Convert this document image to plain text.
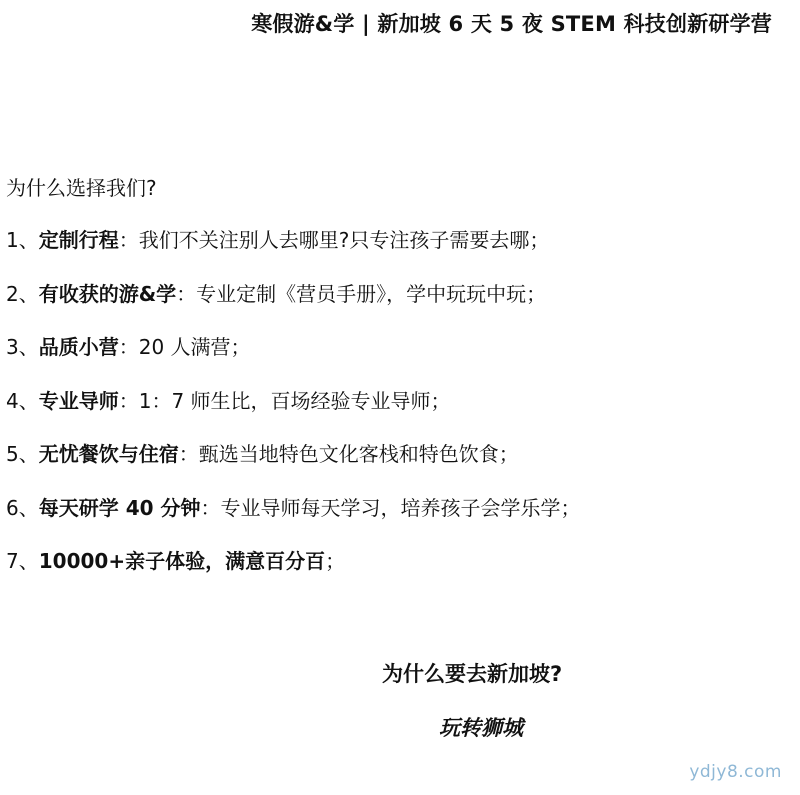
寒假游&学 | 新加坡 6 天 5 夜 STEM 科技创新研学营
为什么选择我们?
1、定制行程：我们不关注别人去哪里?只专注孩子需要去哪；
2、有收获的游&学：专业定制《营员手册》，学中玩玩中玩；
3、品质小营：20 人满营；
4、专业导师：1：7 师生比，百场经验专业导师；
5、无忧餐饮与住宿：甄选当地特色文化客栈和特色饮食；
6、每天研学 40 分钟：专业导师每天学习，培养孩子会学乐学；
7、10000+亲子体验，满意百分百；
为什么要去新加坡?
玩转狮城
ydjy8.com
